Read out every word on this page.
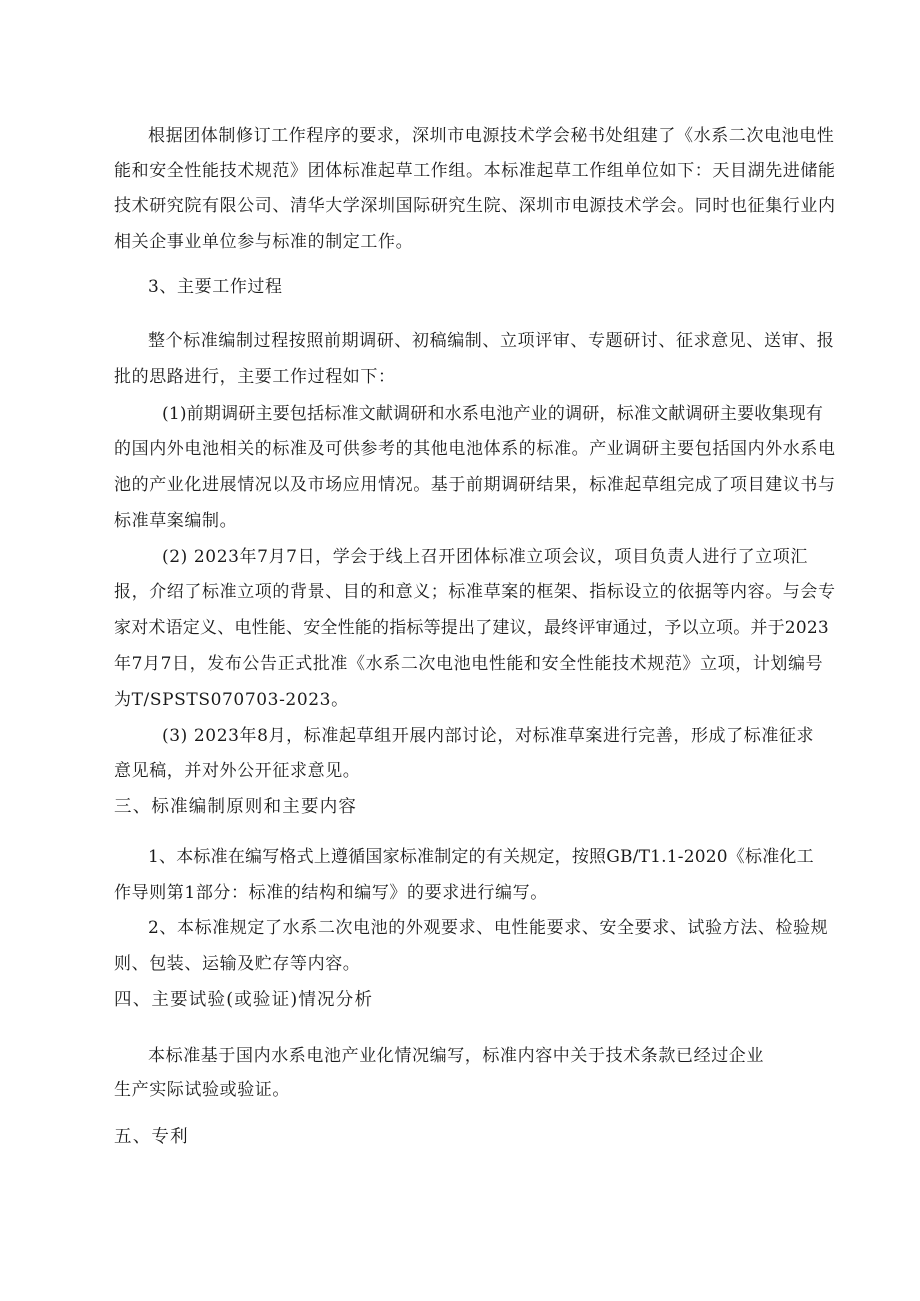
根据团体制修订工作程序的要求，深圳市电源技术学会秘书处组建了《水系二次电池电性
能和安全性能技术规范》团体标准起草工作组。本标准起草工作组单位如下：天目湖先进储能
技术研究院有限公司、清华大学深圳国际研究生院、深圳市电源技术学会。同时也征集行业内
相关企事业单位参与标准的制定工作。
3、主要工作过程
整个标准编制过程按照前期调研、初稿编制、立项评审、专题研讨、征求意见、送审、报
批的思路进行，主要工作过程如下：
(1)前期调研主要包括标准文献调研和水系电池产业的调研，标准文献调研主要收集现有
的国内外电池相关的标准及可供参考的其他电池体系的标准。产业调研主要包括国内外水系电
池的产业化进展情况以及市场应用情况。基于前期调研结果，标准起草组完成了项目建议书与
标准草案编制。
(2) 2023年7月7日，学会于线上召开团体标准立项会议，项目负责人进行了立项汇
报，介绍了标准立项的背景、目的和意义；标准草案的框架、指标设立的依据等内容。与会专
家对术语定义、电性能、安全性能的指标等提出了建议，最终评审通过，予以立项。并于2023
年7月7日，发布公告正式批准《水系二次电池电性能和安全性能技术规范》立项，计划编号
为T/SPSTS070703-2023。
(3) 2023年8月，标准起草组开展内部讨论，对标准草案进行完善，形成了标准征求
意见稿，并对外公开征求意见。
三、标准编制原则和主要内容
1、本标准在编写格式上遵循国家标准制定的有关规定，按照GB/T1.1-2020《标准化工
作导则第1部分：标准的结构和编写》的要求进行编写。
2、本标准规定了水系二次电池的外观要求、电性能要求、安全要求、试验方法、检验规
则、包装、运输及贮存等内容。
四、主要试验(或验证)情况分析
本标准基于国内水系电池产业化情况编写，标准内容中关于技术条款已经过企业
生产实际试验或验证。
五、专利
